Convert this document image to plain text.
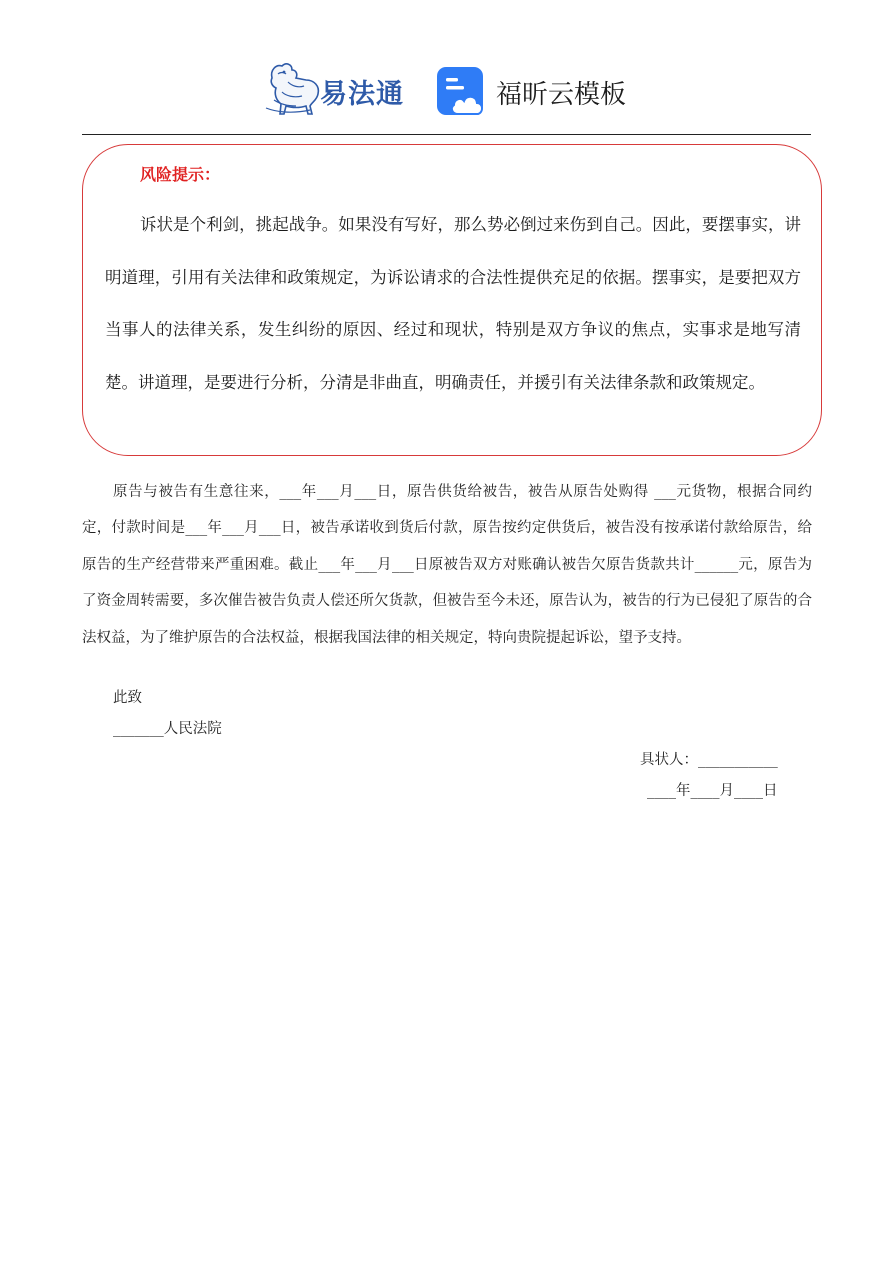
易法通	福昕云模板
风险提示：

诉状是个利剑，挑起战争。如果没有写好，那么势必倒过来伤到自己。因此，要摆事实，讲明道理，引用有关法律和政策规定，为诉讼请求的合法性提供充足的依据。摆事实，是要把双方当事人的法律关系，发生纠纷的原因、经过和现状，特别是双方争议的焦点，实事求是地写清楚。讲道理，是要进行分析，分清是非曲直，明确责任，并援引有关法律条款和政策规定。

原告与被告有生意往来，___年___月___日，原告供货给被告，被告从原告处购得 ___元货物，根据合同约定，付款时间是___年___月___日，被告承诺收到货后付款，原告按约定供货后，被告没有按承诺付款给原告，给原告的生产经营带来严重困难。截止___年___月___日原被告双方对账确认被告欠原告货款共计______元，原告为了资金周转需要，多次催告被告负责人偿还所欠货款，但被告至今未还，原告认为，被告的行为已侵犯了原告的合法权益，为了维护原告的合法权益，根据我国法律的相关规定，特向贵院提起诉讼，望予支持。

此致
_______人民法院
具状人：___________
____年____月____日
